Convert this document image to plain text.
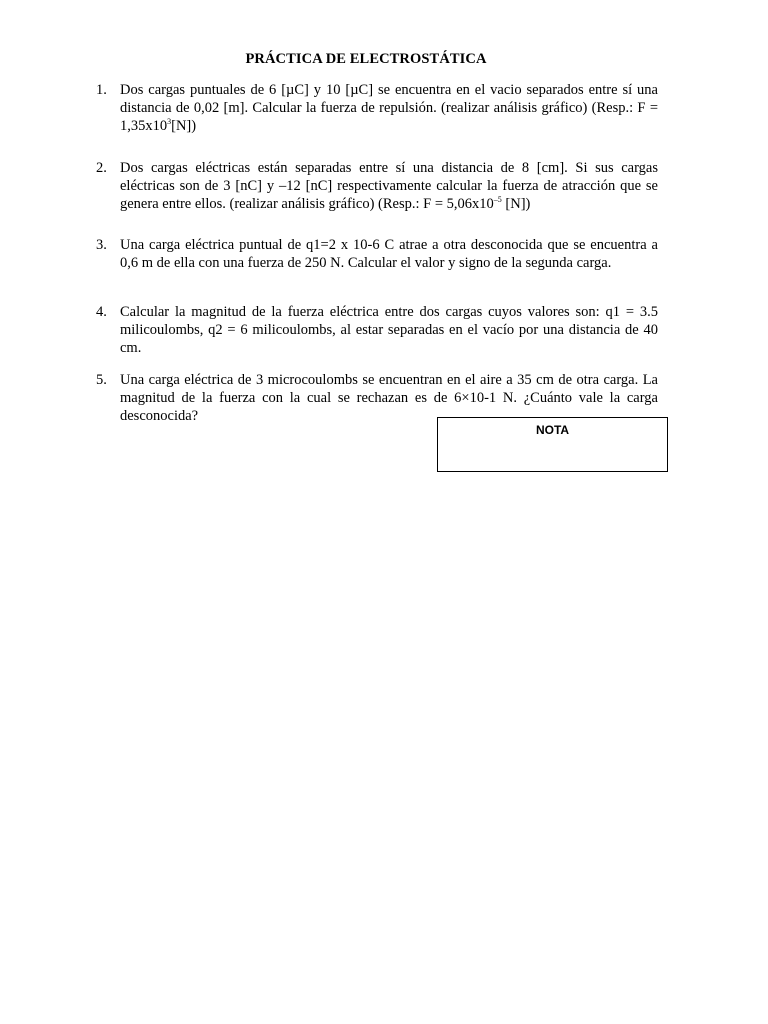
PRÁCTICA DE ELECTROSTÁTICA
1. Dos cargas puntuales de 6 [µC] y 10 [µC] se encuentra en el vacio separados entre sí una distancia de 0,02 [m]. Calcular la fuerza de repulsión. (realizar análisis gráfico) (Resp.: $F = 1,35x10^3[N]$)
2. Dos cargas eléctricas están separadas entre sí una distancia de 8 [cm]. Si sus cargas eléctricas son de 3 [nC] y –12 [nC] respectivamente calcular la fuerza de atracción que se genera entre ellos. (realizar análisis gráfico) (Resp.: $F = 5,06x10^{-5}$ [N])
3. Una carga eléctrica puntual de q1=2 x 10-6 C atrae a otra desconocida que se encuentra a 0,6 m de ella con una fuerza de 250 N. Calcular el valor y signo de la segunda carga.
4. Calcular la magnitud de la fuerza eléctrica entre dos cargas cuyos valores son: q1 = 3.5 milicoulombs, q2 = 6 milicoulombs, al estar separadas en el vacío por una distancia de 40 cm.
5. Una carga eléctrica de 3 microcoulombs se encuentran en el aire a 35 cm de otra carga. La magnitud de la fuerza con la cual se rechazan es de 6×10-1 N. ¿Cuánto vale la carga desconocida?
NOTA
